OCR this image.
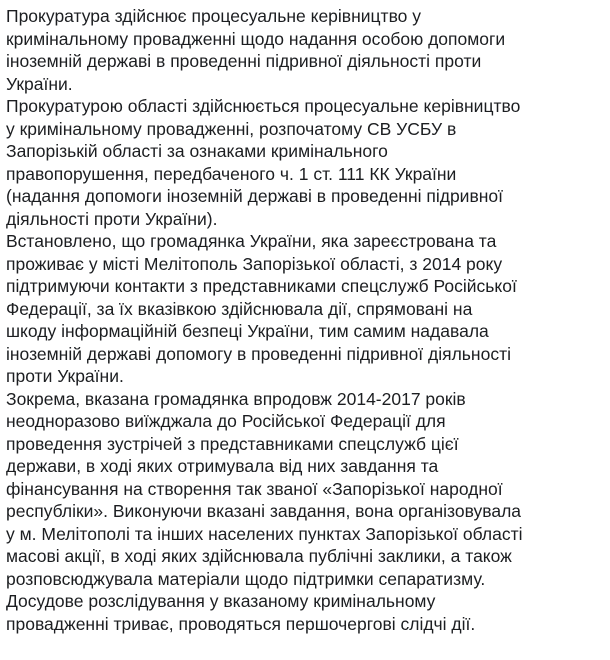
Прокуратура здійснює процесуальне керівництво у
кримінальному провадженні щодо надання особою допомоги
іноземній державі в проведенні підривної діяльності проти
України.

Прокуратурою області здійснюється процесуальне керівництво
у кримінальному провадженні, розпочатому СВ УСБУ в
Запорізькій області за ознаками кримінального
правопорушення, передбаченого ч. 1 ст. 111 КК України
(надання допомоги іноземній державі в проведенні підривної
діяльності проти України).

Встановлено, що громадянка України, яка зареєстрована та
проживає у місті Мелітополь Запорізької області, з 2014 року
підтримуючи контакти з представниками спецслужб Російської
Федерації, за їх вказівкою здійснювала дії, спрямовані на
шкоду інформаційній безпеці України, тим самим надавала
іноземній державі допомогу в проведенні підривної діяльності
проти України.

Зокрема, вказана громадянка впродовж 2014-2017 років
неодноразово виїжджала до Російської Федерації для
проведення зустрічей з представниками спецслужб цієї
держави, в ході яких отримувала від них завдання та
фінансування на створення так званої «Запорізької народної
республіки». Виконуючи вказані завдання, вона організовувала
у м. Мелітополі та інших населених пунктах Запорізької області
масові акції, в ході яких здійснювала публічні заклики, а також
розповсюджувала матеріали щодо підтримки сепаратизму.

Досудове розслідування у вказаному кримінальному
провадженні триває, проводяться першочергові слідчі дії.
